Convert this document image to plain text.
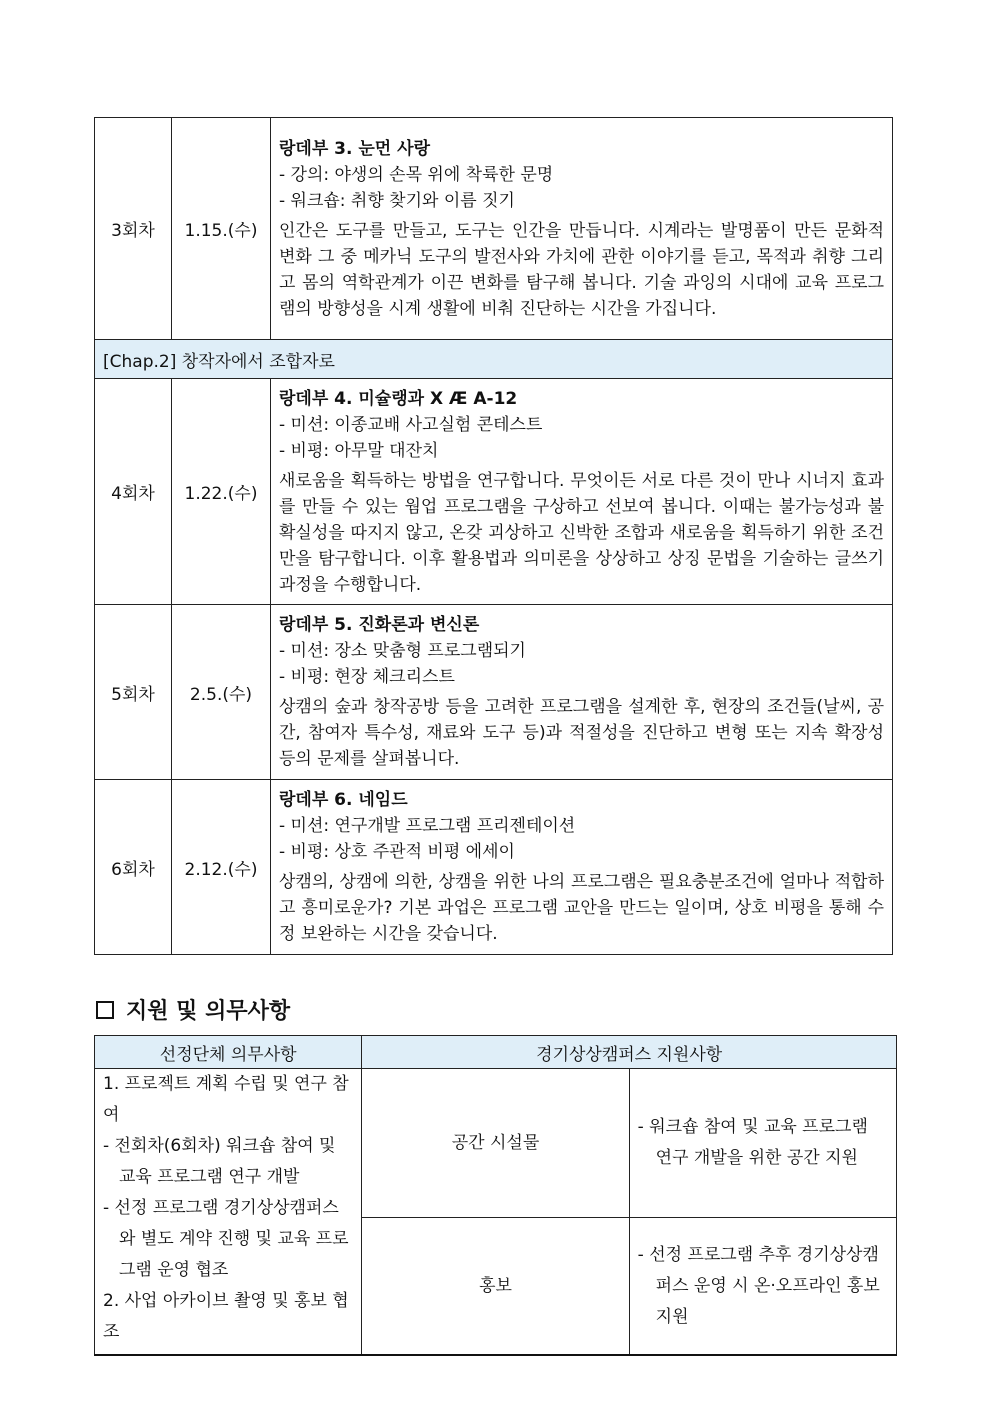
3회차	1.15.(수)	랑데부 3. 눈먼 사랑
- 강의: 야생의 손목 위에 착륙한 문명
- 워크숍: 취향 찾기와 이름 짓기
인간은 도구를 만들고, 도구는 인간을 만듭니다. 시계라는 발명품이 만든 문화적 변화 그 중 메카닉 도구의 발전사와 가치에 관한 이야기를 듣고, 목적과 취향 그리고 몸의 역학관계가 이끈 변화를 탐구해 봅니다. 기술 과잉의 시대에 교육 프로그램의 방향성을 시계 생활에 비춰 진단하는 시간을 가집니다.

[Chap.2] 창작자에서 조합자로		
4회차	1.22.(수)	랑데부 4. 미슐랭과 X Æ A-12
- 미션: 이종교배 사고실험 콘테스트
- 비평: 아무말 대잔치
새로움을 획득하는 방법을 연구합니다. 무엇이든 서로 다른 것이 만나 시너지 효과를 만들 수 있는 웜업 프로그램을 구상하고 선보여 봅니다. 이때는 불가능성과 불확실성을 따지지 않고, 온갖 괴상하고 신박한 조합과 새로움을 획득하기 위한 조건만을 탐구합니다. 이후 활용법과 의미론을 상상하고 상징 문법을 기술하는 글쓰기 과정을 수행합니다.

5회차	2.5.(수)	랑데부 5. 진화론과 변신론
- 미션: 장소 맞춤형 프로그램되기
- 비평: 현장 체크리스트
상캠의 숲과 창작공방 등을 고려한 프로그램을 설계한 후, 현장의 조건들(날씨, 공간, 참여자 특수성, 재료와 도구 등)과 적절성을 진단하고 변형 또는 지속 확장성 등의 문제를 살펴봅니다.

6회차	2.12.(수)	랑데부 6. 네임드
- 미션: 연구개발 프로그램 프리젠테이션
- 비평: 상호 주관적 비평 에세이
상캠의, 상캠에 의한, 상캠을 위한 나의 프로그램은 필요충분조건에 얼마나 적합하고 흥미로운가? 기본 과업은 프로그램 교안을 만드는 일이며, 상호 비평을 통해 수정 보완하는 시간을 갖습니다.
지원 및 의무사항
선정단체 의무사항	경기상상캠퍼스 지원사항	

1. 프로젝트 계획 수립 및 연구 참여
- 전회차(6회차) 워크숍 참여 및 교육 프로그램 연구 개발
- 선정 프로그램 경기상상캠퍼스와 별도 계약 진행 및 교육 프로그램 운영 협조
2. 사업 아카이브 촬영 및 홍보 협조	공간 시설물	- 워크숍 참여 및 교육 프로그램 연구 개발을 위한 공간 지원

	홍보	- 선정 프로그램 추후 경기상상캠퍼스 운영 시 온·오프라인 홍보 지원
